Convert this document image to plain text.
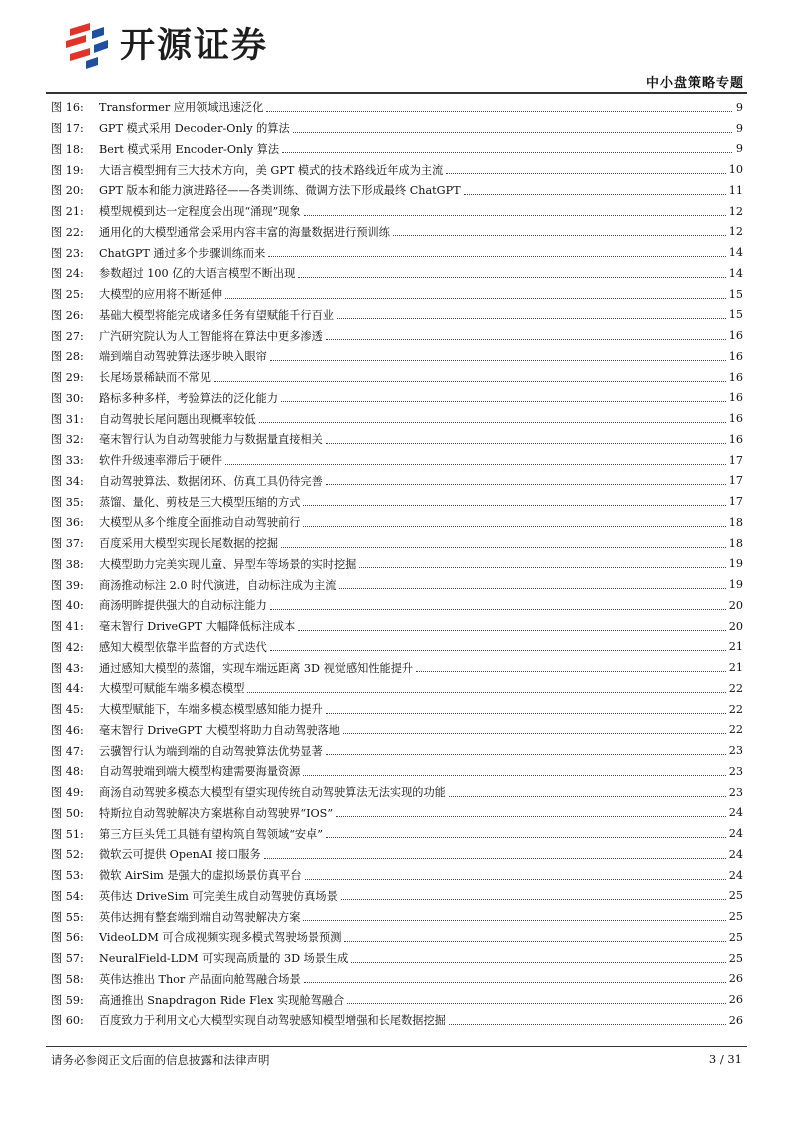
开源证券
中小盘策略专题
图 16:	Transformer 应用领域迅速泛化	9
图 17:	GPT 模式采用 Decoder-Only 的算法	9
图 18:	Bert 模式采用 Encoder-Only 算法	9
图 19:	大语言模型拥有三大技术方向，美 GPT 模式的技术路线近年成为主流	10
图 20:	GPT 版本和能力演进路径——各类训练、微调方法下形成最终 ChatGPT	11
图 21:	模型规模到达一定程度会出现“涌现”现象	12
图 22:	通用化的大模型通常会采用内容丰富的海量数据进行预训练	12
图 23:	ChatGPT 通过多个步骤训练而来	14
图 24:	参数超过 100 亿的大语言模型不断出现	14
图 25:	大模型的应用将不断延伸	15
图 26:	基础大模型将能完成诸多任务有望赋能千行百业	15
图 27:	广汽研究院认为人工智能将在算法中更多渗透	16
图 28:	端到端自动驾驶算法逐步映入眼帘	16
图 29:	长尾场景稀缺而不常见	16
图 30:	路标多种多样，考验算法的泛化能力	16
图 31:	自动驾驶长尾问题出现概率较低	16
图 32:	毫末智行认为自动驾驶能力与数据量直接相关	16
图 33:	软件升级速率滞后于硬件	17
图 34:	自动驾驶算法、数据闭环、仿真工具仍待完善	17
图 35:	蒸馏、量化、剪枝是三大模型压缩的方式	17
图 36:	大模型从多个维度全面推动自动驾驶前行	18
图 37:	百度采用大模型实现长尾数据的挖掘	18
图 38:	大模型助力完美实现儿童、异型车等场景的实时挖掘	19
图 39:	商汤推动标注 2.0 时代演进，自动标注成为主流	19
图 40:	商汤明眸提供强大的自动标注能力	20
图 41:	毫末智行 DriveGPT 大幅降低标注成本	20
图 42:	感知大模型依靠半监督的方式迭代	21
图 43:	通过感知大模型的蒸馏，实现车端远距离 3D 视觉感知性能提升	21
图 44:	大模型可赋能车端多模态模型	22
图 45:	大模型赋能下，车端多模态模型感知能力提升	22
图 46:	毫末智行 DriveGPT 大模型将助力自动驾驶落地	22
图 47:	云骥智行认为端到端的自动驾驶算法优势显著	23
图 48:	自动驾驶端到端大模型构建需要海量资源	23
图 49:	商汤自动驾驶多模态大模型有望实现传统自动驾驶算法无法实现的功能	23
图 50:	特斯拉自动驾驶解决方案堪称自动驾驶界“IOS”	24
图 51:	第三方巨头凭工具链有望构筑自驾领域“安卓”	24
图 52:	微软云可提供 OpenAI 接口服务	24
图 53:	微软 AirSim 是强大的虚拟场景仿真平台	24
图 54:	英伟达 DriveSim 可完美生成自动驾驶仿真场景	25
图 55:	英伟达拥有整套端到端自动驾驶解决方案	25
图 56:	VideoLDM 可合成视频实现多模式驾驶场景预测	25
图 57:	NeuralField-LDM 可实现高质量的 3D 场景生成	25
图 58:	英伟达推出 Thor 产品面向舱驾融合场景	26
图 59:	高通推出 Snapdragon Ride Flex 实现舱驾融合	26
图 60:	百度致力于利用文心大模型实现自动驾驶感知模型增强和长尾数据挖掘	26
请务必参阅正文后面的信息披露和法律声明	3 / 31
